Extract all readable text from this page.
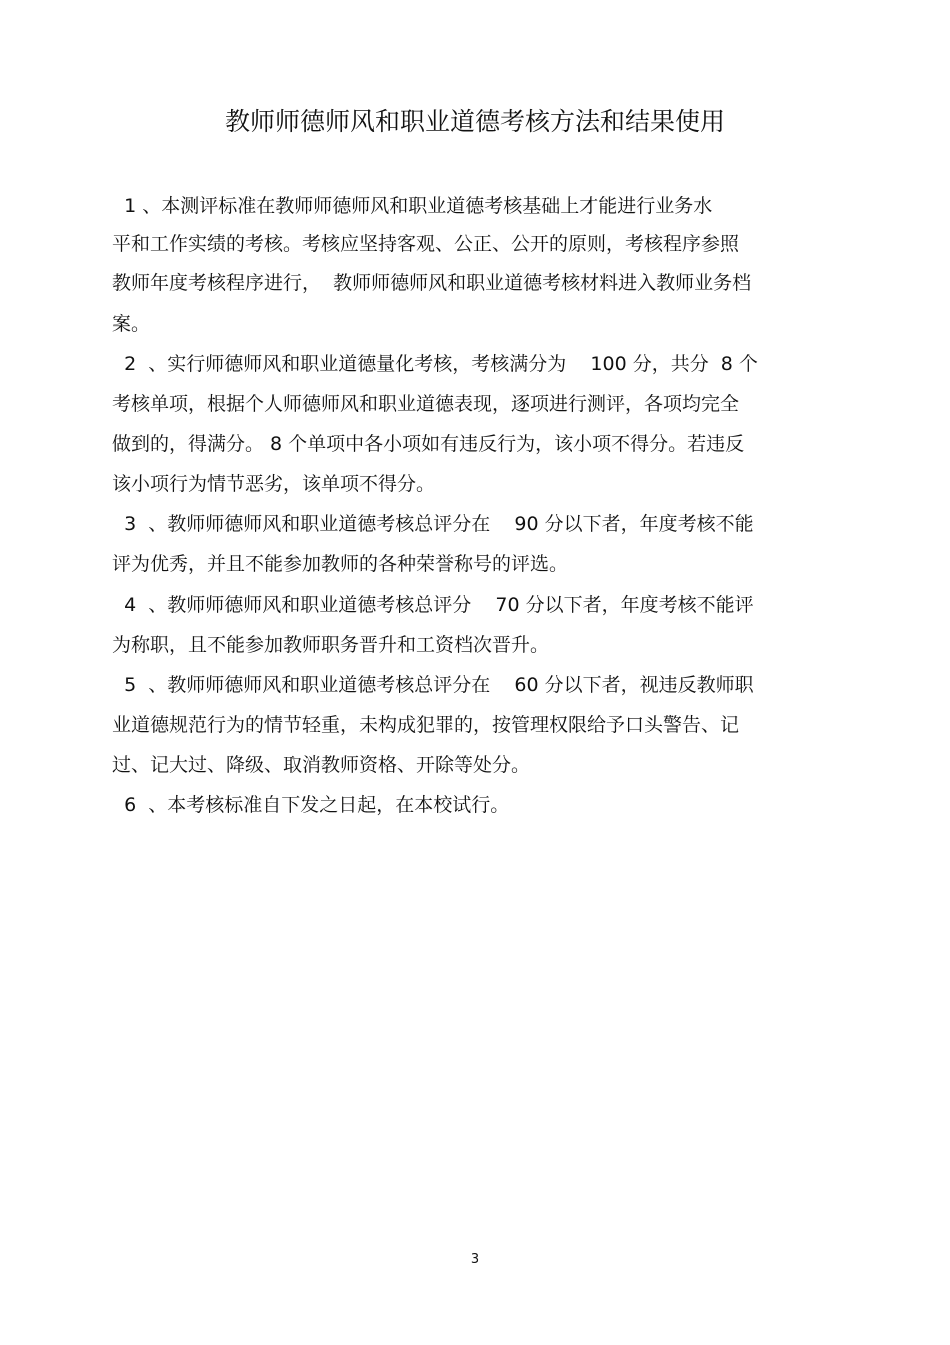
教师师德师风和职业道德考核方法和结果使用

1 、本测评标准在教师师德师风和职业道德考核基础上才能进行业务水

平和工作实绩的考核。考核应坚持客观、公正、公开的原则，考核程序参照

教师年度考核程序进行，  教师师德师风和职业道德考核材料进入教师业务档

案。

2  、实行师德师风和职业道德量化考核，考核满分为    100 分，共分  8 个

考核单项，根据个人师德师风和职业道德表现，逐项进行测评，各项均完全

做到的，得满分。 8 个单项中各小项如有违反行为，该小项不得分。若违反

该小项行为情节恶劣，该单项不得分。

3  、教师师德师风和职业道德考核总评分在    90 分以下者，年度考核不能

评为优秀，并且不能参加教师的各种荣誉称号的评选。

4  、教师师德师风和职业道德考核总评分    70 分以下者，年度考核不能评

为称职，且不能参加教师职务晋升和工资档次晋升。

5  、教师师德师风和职业道德考核总评分在    60 分以下者，视违反教师职

业道德规范行为的情节轻重，未构成犯罪的，按管理权限给予口头警告、记

过、记大过、降级、取消教师资格、开除等处分。

6  、本考核标准自下发之日起，在本校试行。

3
